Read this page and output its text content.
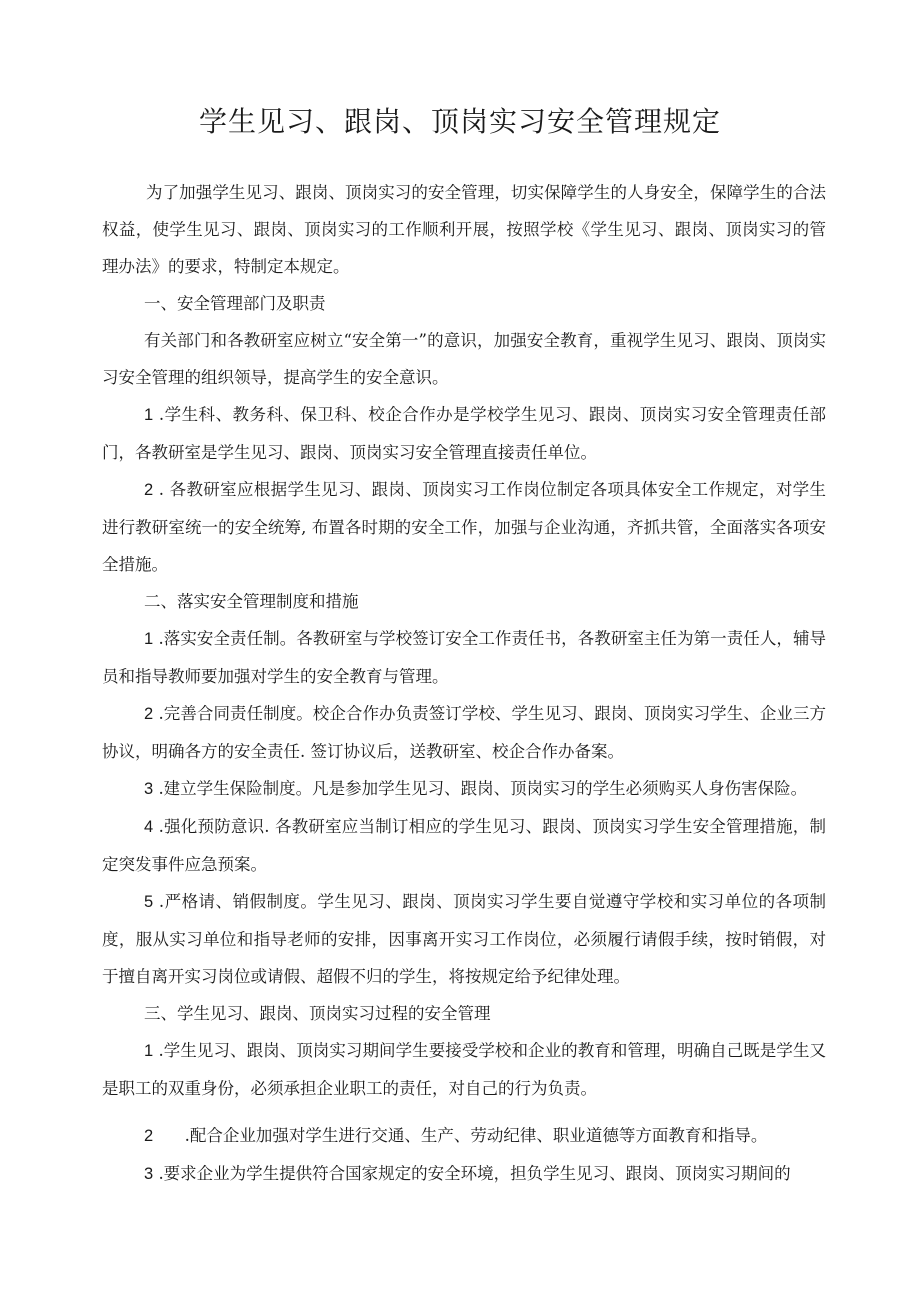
学生见习、跟岗、顶岗实习安全管理规定

为了加强学生见习、跟岗、顶岗实习的安全管理，切实保障学生的人身安全，保障学生的合法权益，使学生见习、跟岗、顶岗实习的工作顺利开展，按照学校《学生见习、跟岗、顶岗实习的管理办法》的要求，特制定本规定。

一、安全管理部门及职责

有关部门和各教研室应树立“安全第一”的意识，加强安全教育，重视学生见习、跟岗、顶岗实习安全管理的组织领导，提高学生的安全意识。

1 .学生科、教务科、保卫科、校企合作办是学校学生见习、跟岗、顶岗实习安全管理责任部门，各教研室是学生见习、跟岗、顶岗实习安全管理直接责任单位。

2 . 各教研室应根据学生见习、跟岗、顶岗实习工作岗位制定各项具体安全工作规定，对学生进行教研室统一的安全统筹, 布置各时期的安全工作，加强与企业沟通，齐抓共管，全面落实各项安全措施。

二、落实安全管理制度和措施

1 .落实安全责任制。各教研室与学校签订安全工作责任书，各教研室主任为第一责任人，辅导员和指导教师要加强对学生的安全教育与管理。

2 .完善合同责任制度。校企合作办负责签订学校、学生见习、跟岗、顶岗实习学生、企业三方协议，明确各方的安全责任. 签订协议后，送教研室、校企合作办备案。

3 .建立学生保险制度。凡是参加学生见习、跟岗、顶岗实习的学生必须购买人身伤害保险。

4 .强化预防意识. 各教研室应当制订相应的学生见习、跟岗、顶岗实习学生安全管理措施，制定突发事件应急预案。

5 .严格请、销假制度。学生见习、跟岗、顶岗实习学生要自觉遵守学校和实习单位的各项制度，服从实习单位和指导老师的安排，因事离开实习工作岗位，必须履行请假手续，按时销假，对于擅自离开实习岗位或请假、超假不归的学生，将按规定给予纪律处理。

三、学生见习、跟岗、顶岗实习过程的安全管理

1 .学生见习、跟岗、顶岗实习期间学生要接受学校和企业的教育和管理，明确自己既是学生又是职工的双重身份，必须承担企业职工的责任，对自己的行为负责。

2 .配合企业加强对学生进行交通、生产、劳动纪律、职业道德等方面教育和指导。

3 .要求企业为学生提供符合国家规定的安全环境，担负学生见习、跟岗、顶岗实习期间的
